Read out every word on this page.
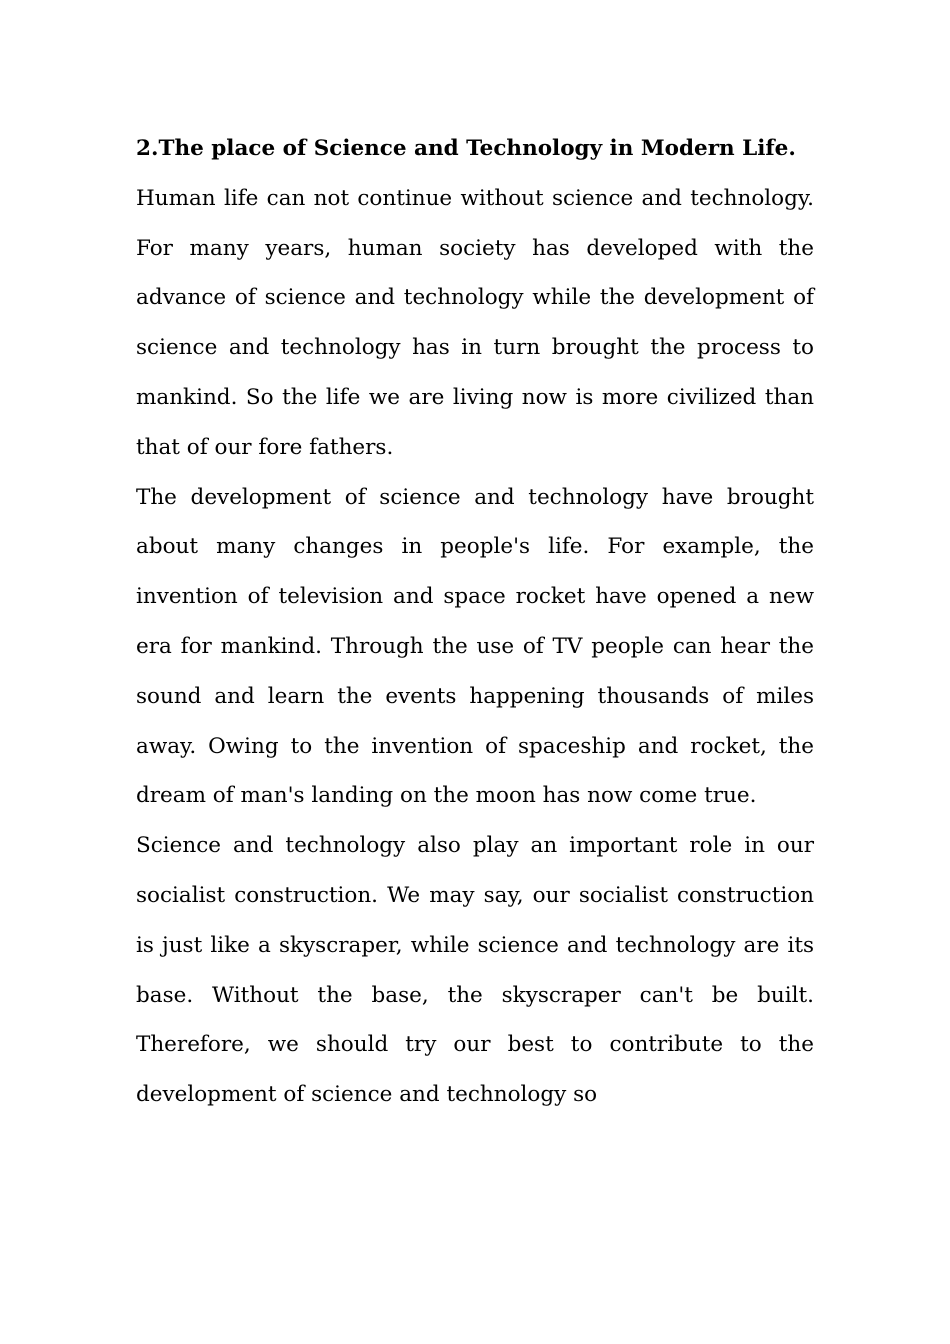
2.The place of Science and Technology in Modern Life.

Human life can not continue without science and technology. For many years, human society has developed with the advance of science and technology while the development of science and technology has in turn brought the process to mankind. So the life we are living now is more civilized than that of our fore fathers.

The development of science and technology have brought about many changes in people's life. For example, the invention of television and space rocket have opened a new era for mankind. Through the use of TV people can hear the sound and learn the events happening thousands of miles away. Owing to the invention of spaceship and rocket, the dream of man's landing on the moon has now come true.

Science and technology also play an important role in our socialist construction. We may say, our socialist construction is just like a skyscraper, while science and technology are its base. Without the base, the skyscraper can't be built. Therefore, we should try our best to contribute to the development of science and technology so
